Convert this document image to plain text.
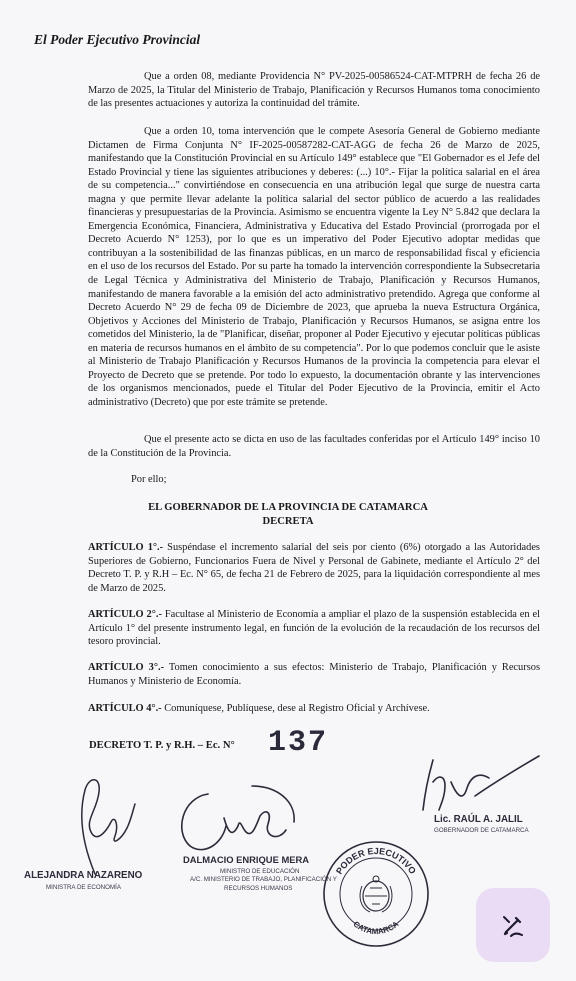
El Poder Ejecutivo Provincial
Que a orden 08, mediante Providencia N° PV-2025-00586524-CAT-MTPRH de fecha 26 de Marzo de 2025, la Titular del Ministerio de Trabajo, Planificación y Recursos Humanos toma conocimiento de las presentes actuaciones y autoriza la continuidad del trámite.
Que a orden 10, toma intervención que le compete Asesoría General de Gobierno mediante Dictamen de Firma Conjunta N° IF-2025-00587282-CAT-AGG de fecha 26 de Marzo de 2025, manifestando que la Constitución Provincial en su Artículo 149° establece que "El Gobernador es el Jefe del Estado Provincial y tiene las siguientes atribuciones y deberes: (...) 10°.- Fijar la política salarial en el área de su competencia..." convirtiéndose en consecuencia en una atribución legal que surge de nuestra carta magna y que permite llevar adelante la política salarial del sector público de acuerdo a las realidades financieras y presupuestarias de la Provincia. Asimismo se encuentra vigente la Ley N° 5.842 que declara la Emergencia Económica, Financiera, Administrativa y Educativa del Estado Provincial (prorrogada por el Decreto Acuerdo N° 1253), por lo que es un imperativo del Poder Ejecutivo adoptar medidas que contribuyan a la sostenibilidad de las finanzas públicas, en un marco de responsabilidad fiscal y eficiencia en el uso de los recursos del Estado. Por su parte ha tomado la intervención correspondiente la Subsecretaria de Legal Técnica y Administrativa del Ministerio de Trabajo, Planificación y Recursos Humanos, manifestando de manera favorable a la emisión del acto administrativo pretendido. Agrega que conforme al Decreto Acuerdo N° 29 de fecha 09 de Diciembre de 2023, que aprueba la nueva Estructura Orgánica, Objetivos y Acciones del Ministerio de Trabajo, Planificación y Recursos Humanos, se asigna entre los cometidos del Ministerio, la de "Planificar, diseñar, proponer al Poder Ejecutivo y ejecutar políticas públicas en materia de recursos humanos en el ámbito de su competencia". Por lo que podemos concluir que le asiste al Ministerio de Trabajo Planificación y Recursos Humanos de la provincia la competencia para elevar el Proyecto de Decreto que se pretende. Por todo lo expuesto, la documentación obrante y las intervenciones de los organismos mencionados, puede el Titular del Poder Ejecutivo de la Provincia, emitir el Acto administrativo (Decreto) que por este trámite se pretende.
Que el presente acto se dicta en uso de las facultades conferidas por el Artículo 149° inciso 10 de la Constitución de la Provincia.
Por ello;
EL GOBERNADOR DE LA PROVINCIA DE CATAMARCA
DECRETA
ARTÍCULO 1°.- Suspéndase el incremento salarial del seis por ciento (6%) otorgado a las Autoridades Superiores de Gobierno, Funcionarios Fuera de Nivel y Personal de Gabinete, mediante el Artículo 2° del Decreto T. P. y R.H – Ec. N° 65, de fecha 21 de Febrero de 2025, para la liquidación correspondiente al mes de Marzo de 2025.
ARTÍCULO 2°.- Facultase al Ministerio de Economía a ampliar el plazo de la suspensión establecida en el Artículo 1° del presente instrumento legal, en función de la evolución de la recaudación de los recursos del tesoro provincial.
ARTÍCULO 3°.- Tomen conocimiento a sus efectos: Ministerio de Trabajo, Planificación y Recursos Humanos y Ministerio de Economía.
ARTÍCULO 4°.- Comuníquese, Publíquese, dese al Registro Oficial y Archívese.
DECRETO T. P. y R.H. – Ec. N° 137
Lic. RAÚL A. JALIL
GOBERNADOR DE CATAMARCA
ALEJANDRA NAZARENO
MINISTRA DE ECONOMÍA
DALMACIO ENRIQUE MERA
MINISTRO DE EDUCACIÓN
A/C. MINISTERIO DE TRABAJO, PLANIFICACIÓN Y
RECURSOS HUMANOS
PODER EJECUTIVO
CATAMARCA
